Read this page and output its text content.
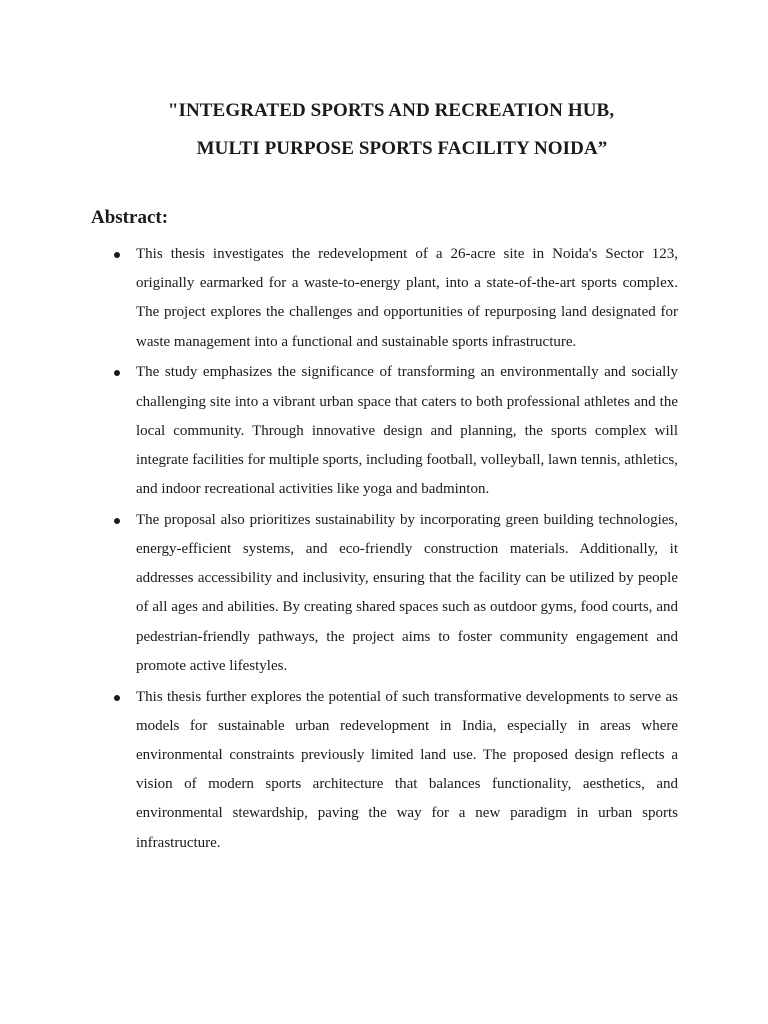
"INTEGRATED SPORTS AND RECREATION HUB,
MULTI PURPOSE SPORTS FACILITY NOIDA”
Abstract:
This thesis investigates the redevelopment of a 26-acre site in Noida's Sector 123, originally earmarked for a waste-to-energy plant, into a state-of-the-art sports complex. The project explores the challenges and opportunities of repurposing land designated for waste management into a functional and sustainable sports infrastructure.
The study emphasizes the significance of transforming an environmentally and socially challenging site into a vibrant urban space that caters to both professional athletes and the local community. Through innovative design and planning, the sports complex will integrate facilities for multiple sports, including football, volleyball, lawn tennis, athletics, and indoor recreational activities like yoga and badminton.
The proposal also prioritizes sustainability by incorporating green building technologies, energy-efficient systems, and eco-friendly construction materials. Additionally, it addresses accessibility and inclusivity, ensuring that the facility can be utilized by people of all ages and abilities. By creating shared spaces such as outdoor gyms, food courts, and pedestrian-friendly pathways, the project aims to foster community engagement and promote active lifestyles.
This thesis further explores the potential of such transformative developments to serve as models for sustainable urban redevelopment in India, especially in areas where environmental constraints previously limited land use. The proposed design reflects a vision of modern sports architecture that balances functionality, aesthetics, and environmental stewardship, paving the way for a new paradigm in urban sports infrastructure.
